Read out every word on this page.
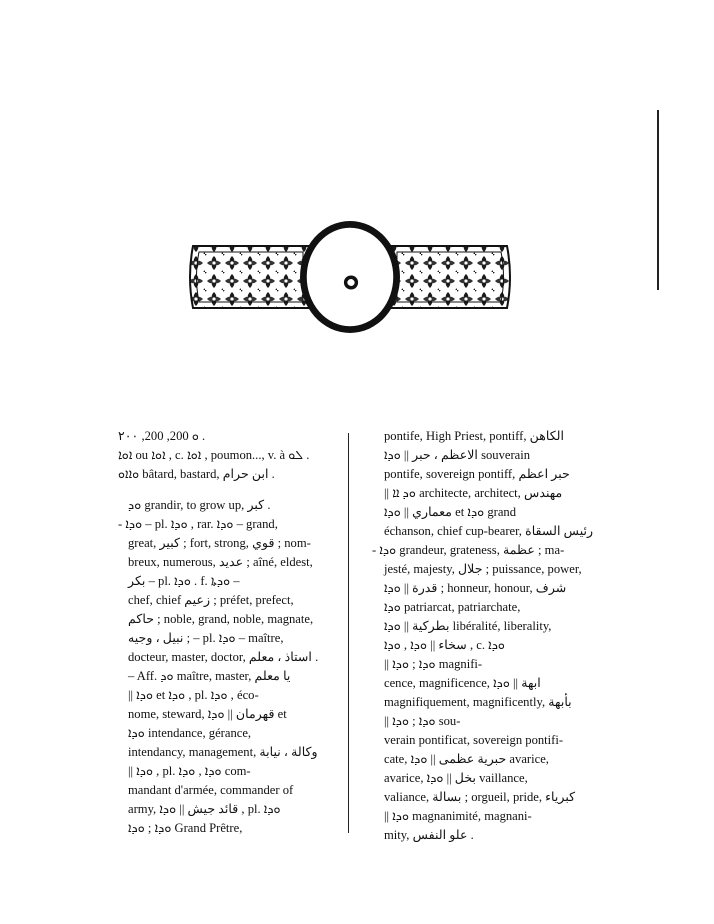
ܘ
ܘ 200, 200, ٢٠٠ .
ܐܘܐ ou ܐܘܐ , c. ܐܘܐ , poumon..., v. à ܠܘ .
ܘܐܐܘ bâtard, bastard, ابن حرام .
ܘܕ grandir, to grow up, كبر .
- ܘܕܐ – pl. ܘܕܐ , rar. ܘܕܐ – grand,
great, كبير ; fort, strong, قوي ; nom-
breux, numerous, عديد ; aîné, eldest,
بكر – pl. ܘܕܐ . f. ܘܕܬܐ –
chef, chief زعيم ; préfet, prefect,
حاكم ; noble, grand, noble, magnate,
نبيل ، وجيه ; – pl. ܘܕܐ – maître,
docteur, master, doctor, استاذ ، معلم .
– Aff. ܘܕ maître, master, يا معلم
|| ܘܕܐ et ܘܕܐ , pl. ܘܕܐ , éco-
nome, steward, قهرمان || ܘܕܐ et
ܘܕܐ intendance, gérance,
intendancy, management, وكالة ، نيابة
|| ܘܕܐ , pl. ܘܕܐ , ܘܕܐ com-
mandant d'armée, commander of
army, قائد جيش || ܘܕܐ , pl. ܘܕܐ
ܘܕܐ ; ܘܕܐ Grand Prêtre,
pontife, High Priest, pontiff, الكاهن
الاعظم ، حبر || ܘܕܐ souverain
pontife, sovereign pontiff, حبر اعظم
|| ܘܕ ܐܐ architecte, architect, مهندس
معماري || ܘܕܐ et ܘܕܐ grand
échanson, chief cup-bearer, رئيس السقاة
- ܘܕܐ grandeur, grateness, عظمة ; ma-
jesté, majesty, جلال ; puissance, power,
قدرة || ܘܕܐ ; honneur, honour, شرف
ܘܕܐ patriarcat, patriarchate,
بطركية || ܘܕܐ libéralité, liberality,
سخاء || ܘܕܐ , ܘܕܐ , c. ܘܕܐ
|| ܘܕܐ ; ܘܕܐ magnifi-
cence, magnificence, ابهة || ܘܕܐ
magnifiquement, magnificently, بأبهة
|| ܘܕܐ ; ܘܕܐ sou-
verain pontificat, sovereign pontifi-
cate, حبرية عظمى || ܘܕܐ avarice,
avarice, بخل || ܘܕܐ vaillance,
valiance, بسالة ; orgueil, pride, كبرياء
|| ܘܕܐ magnanimité, magnani-
mity, علو النفس .
